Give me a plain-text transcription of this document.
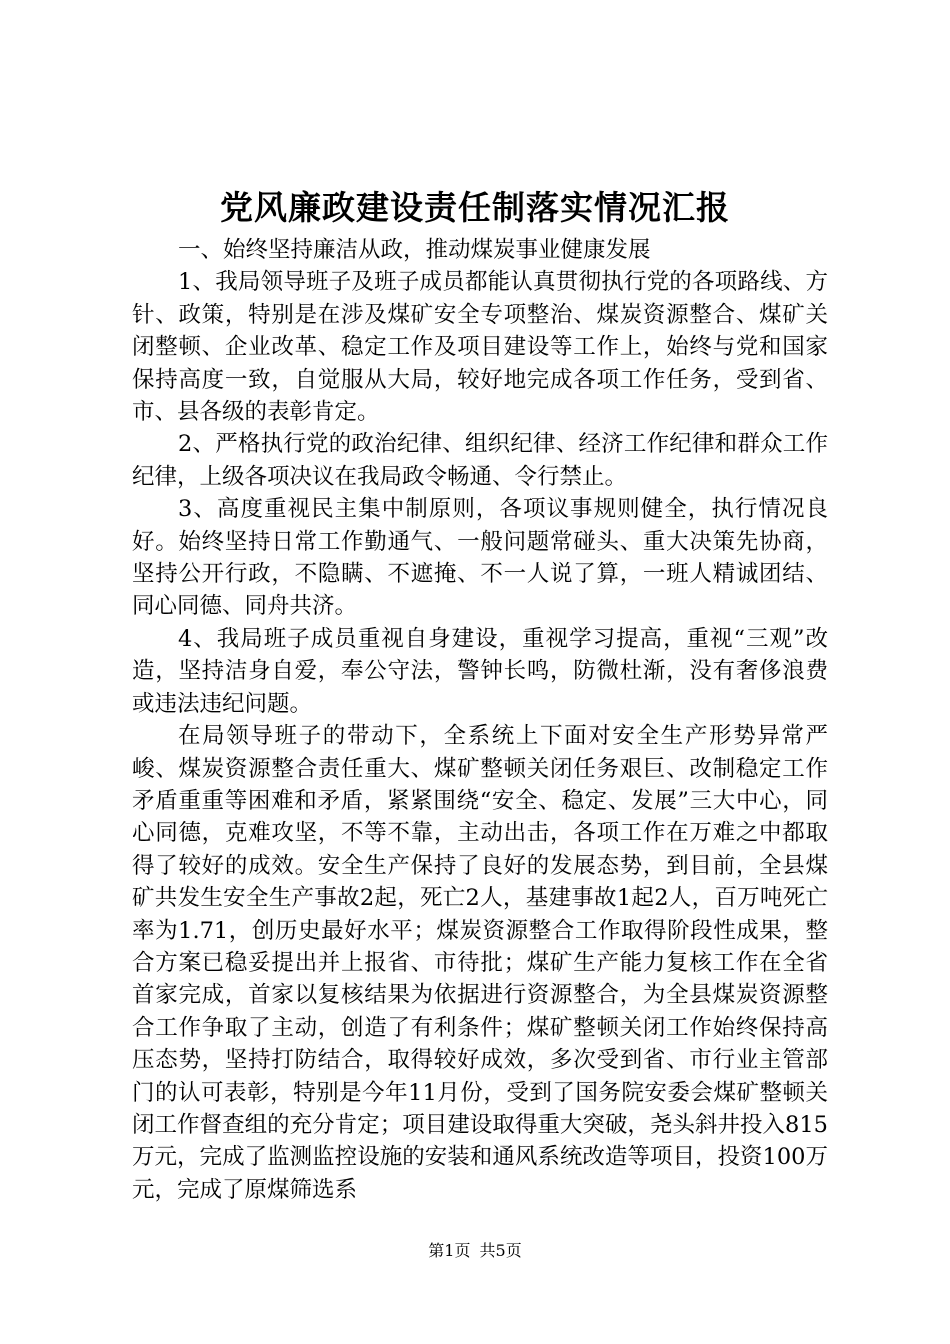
党风廉政建设责任制落实情况汇报

一、始终坚持廉洁从政，推动煤炭事业健康发展

1、我局领导班子及班子成员都能认真贯彻执行党的各项路线、方针、政策，特别是在涉及煤矿安全专项整治、煤炭资源整合、煤矿关闭整顿、企业改革、稳定工作及项目建设等工作上，始终与党和国家保持高度一致，自觉服从大局，较好地完成各项工作任务，受到省、市、县各级的表彰肯定。

2、严格执行党的政治纪律、组织纪律、经济工作纪律和群众工作纪律，上级各项决议在我局政令畅通、令行禁止。

3、高度重视民主集中制原则，各项议事规则健全，执行情况良好。始终坚持日常工作勤通气、一般问题常碰头、重大决策先协商，坚持公开行政，不隐瞒、不遮掩、不一人说了算，一班人精诚团结、同心同德、同舟共济。

4、我局班子成员重视自身建设，重视学习提高，重视“三观”改造，坚持洁身自爱，奉公守法，警钟长鸣，防微杜渐，没有奢侈浪费或违法违纪问题。

在局领导班子的带动下，全系统上下面对安全生产形势异常严峻、煤炭资源整合责任重大、煤矿整顿关闭任务艰巨、改制稳定工作矛盾重重等困难和矛盾，紧紧围绕“安全、稳定、发展”三大中心，同心同德，克难攻坚，不等不靠，主动出击，各项工作在万难之中都取得了较好的成效。安全生产保持了良好的发展态势，到目前，全县煤矿共发生安全生产事故2起，死亡2人，基建事故1起2人，百万吨死亡率为1.71，创历史最好水平；煤炭资源整合工作取得阶段性成果，整合方案已稳妥提出并上报省、市待批；煤矿生产能力复核工作在全省首家完成，首家以复核结果为依据进行资源整合，为全县煤炭资源整合工作争取了主动，创造了有利条件；煤矿整顿关闭工作始终保持高压态势，坚持打防结合，取得较好成效，多次受到省、市行业主管部门的认可表彰，特别是今年11月份，受到了国务院安委会煤矿整顿关闭工作督查组的充分肯定；项目建设取得重大突破，尧头斜井投入815万元，完成了监测监控设施的安装和通风系统改造等项目，投资100万元，完成了原煤筛选系

第1页 共5页
